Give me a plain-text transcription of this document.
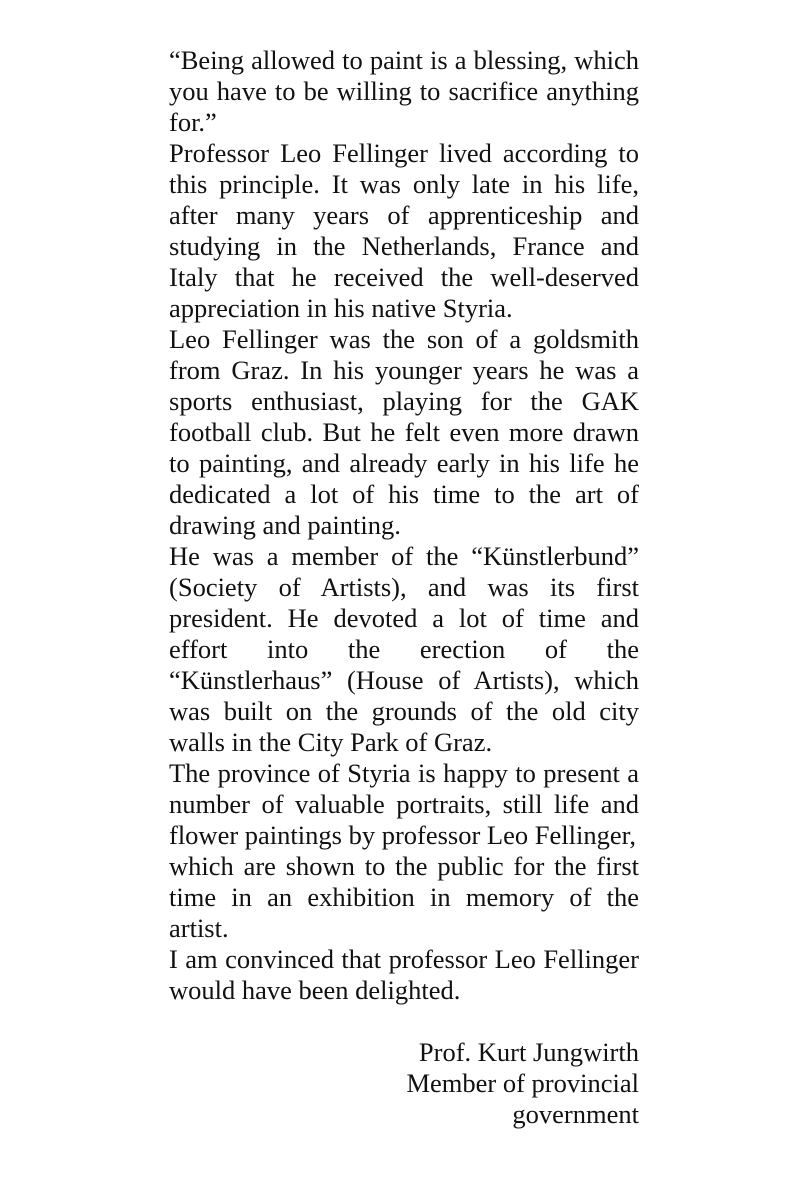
“Being allowed to paint is a blessing, which you have to be willing to sacrifice anything for.”

Professor Leo Fellinger lived according to this principle. It was only late in his life, after many years of apprenticeship and studying in the Netherlands, France and Italy that he received the well-deserved appreciation in his native Styria.

Leo Fellinger was the son of a goldsmith from Graz. In his younger years he was a sports enthusiast, playing for the GAK football club. But he felt even more drawn to painting, and already early in his life he dedicated a lot of his time to the art of drawing and painting.

He was a member of the “Künstlerbund” (Society of Artists), and was its first president. He devoted a lot of time and effort into the erection of the “Künstlerhaus” (House of Artists), which was built on the grounds of the old city walls in the City Park of Graz.

The province of Styria is happy to present a number of valuable portraits, still life and flower paintings by professor Leo Fellinger,

which are shown to the public for the first time in an exhibition in memory of the artist.

I am convinced that professor Leo Fellinger would have been delighted.

Prof. Kurt Jungwirth
Member of provincial
government
